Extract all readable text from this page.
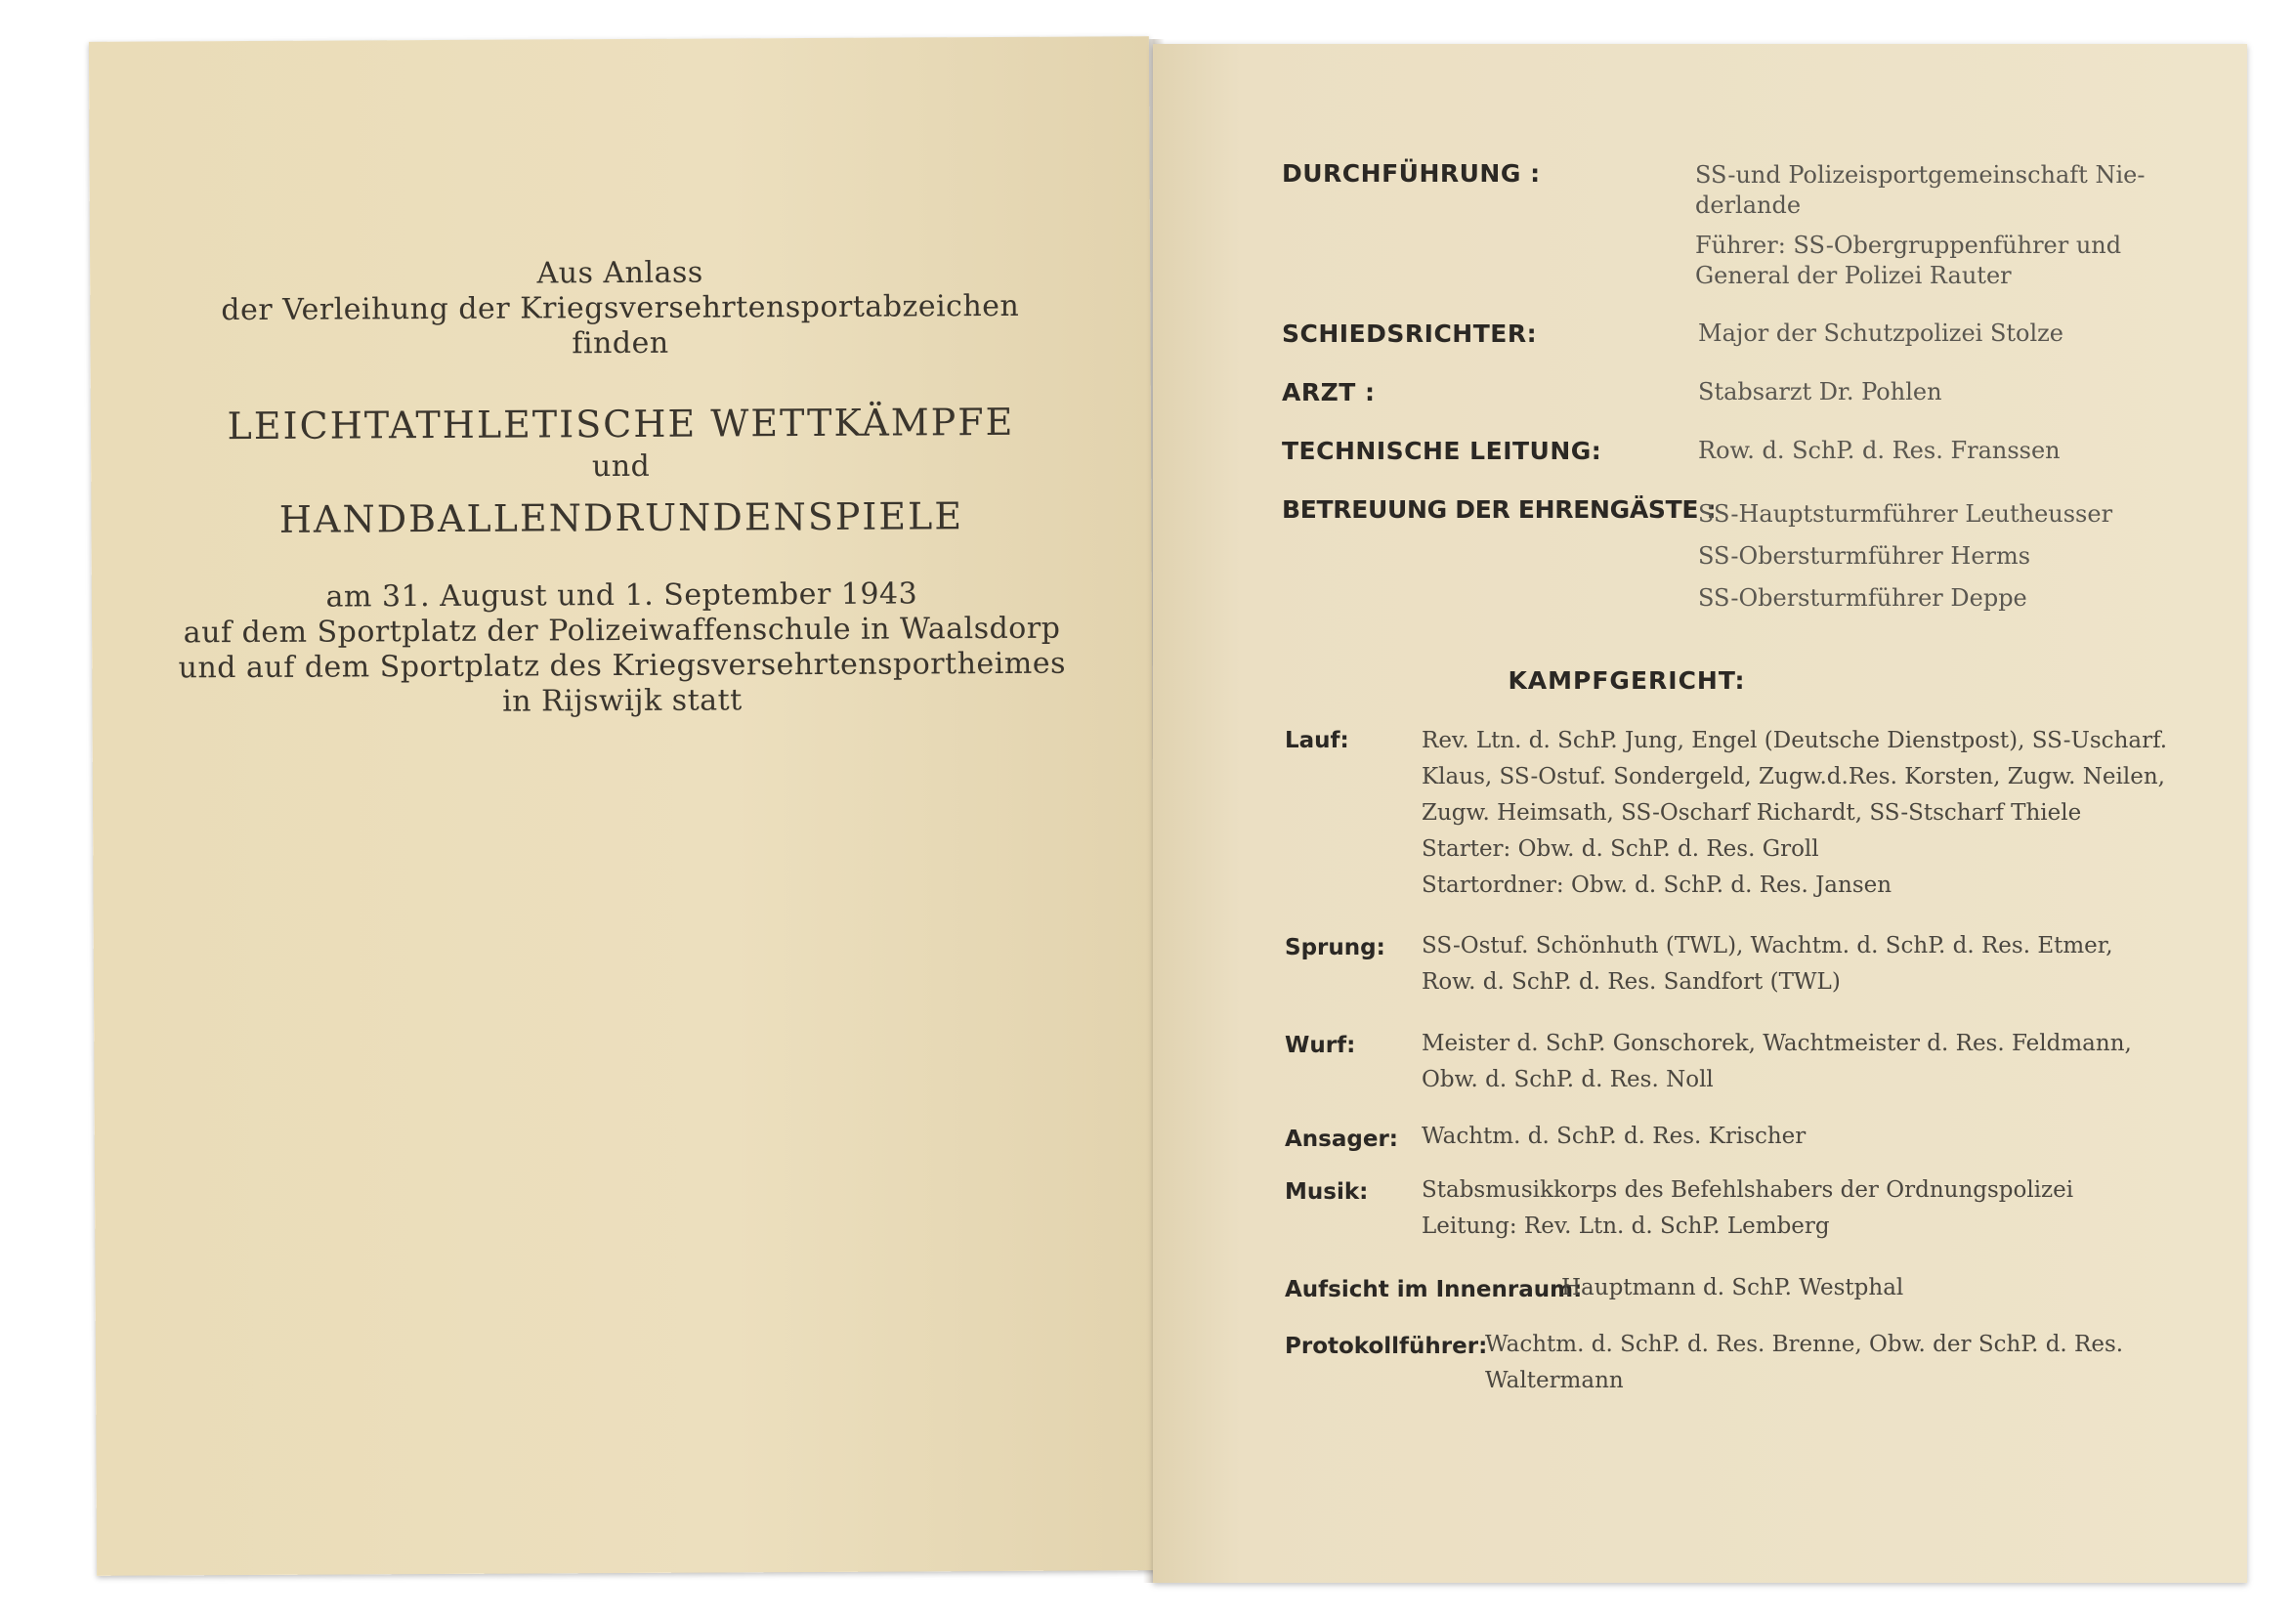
Aus Anlass
der Verleihung der Kriegsversehrtensportabzeichen
finden
LEICHTATHLETISCHE WETTKÄMPFE
und
HANDBALLENDRUNDENSPIELE
am 31. August und 1. September 1943
auf dem Sportplatz der Polizeiwaffenschule in Waalsdorp
und auf dem Sportplatz des Kriegsversehrtensportheimes
in Rijswijk statt
DURCHFÜHRUNG :	SS-und Polizeisportgemeinschaft Nie-
derlande
Führer: SS-Obergruppenführer und
General der Polizei Rauter
SCHIEDSRICHTER:	Major der Schutzpolizei Stolze
ARZT :	Stabsarzt Dr. Pohlen
TECHNISCHE LEITUNG:	Row. d. SchP. d. Res. Franssen
BETREUUNG DER EHRENGÄSTE :
SS-Hauptsturmführer Leutheusser
SS-Obersturmführer Herms
SS-Obersturmführer Deppe
KAMPFGERICHT:
Lauf:	Rev. Ltn. d. SchP. Jung, Engel (Deutsche Dienstpost), SS-Uscharf.
Klaus, SS-Ostuf. Sondergeld, Zugw.d.Res. Korsten, Zugw. Neilen,
Zugw. Heimsath, SS-Oscharf Richardt, SS-Stscharf Thiele
Starter: Obw. d. SchP. d. Res. Groll
Startordner: Obw. d. SchP. d. Res. Jansen
Sprung: SS-Ostuf. Schönhuth (TWL), Wachtm. d. SchP. d. Res. Etmer,
Row. d. SchP. d. Res. Sandfort (TWL)
Wurf:	Meister d. SchP. Gonschorek, Wachtmeister d. Res. Feldmann,
Obw. d. SchP. d. Res. Noll
Ansager: Wachtm. d. SchP. d. Res. Krischer
Musik: Stabsmusikkorps des Befehlshabers der Ordnungspolizei
Leitung: Rev. Ltn. d. SchP. Lemberg
Aufsicht im Innenraum:
Hauptmann d. SchP. Westphal
Protokollführer:
Wachtm. d. SchP. d. Res. Brenne, Obw. der SchP. d. Res.
Waltermann
